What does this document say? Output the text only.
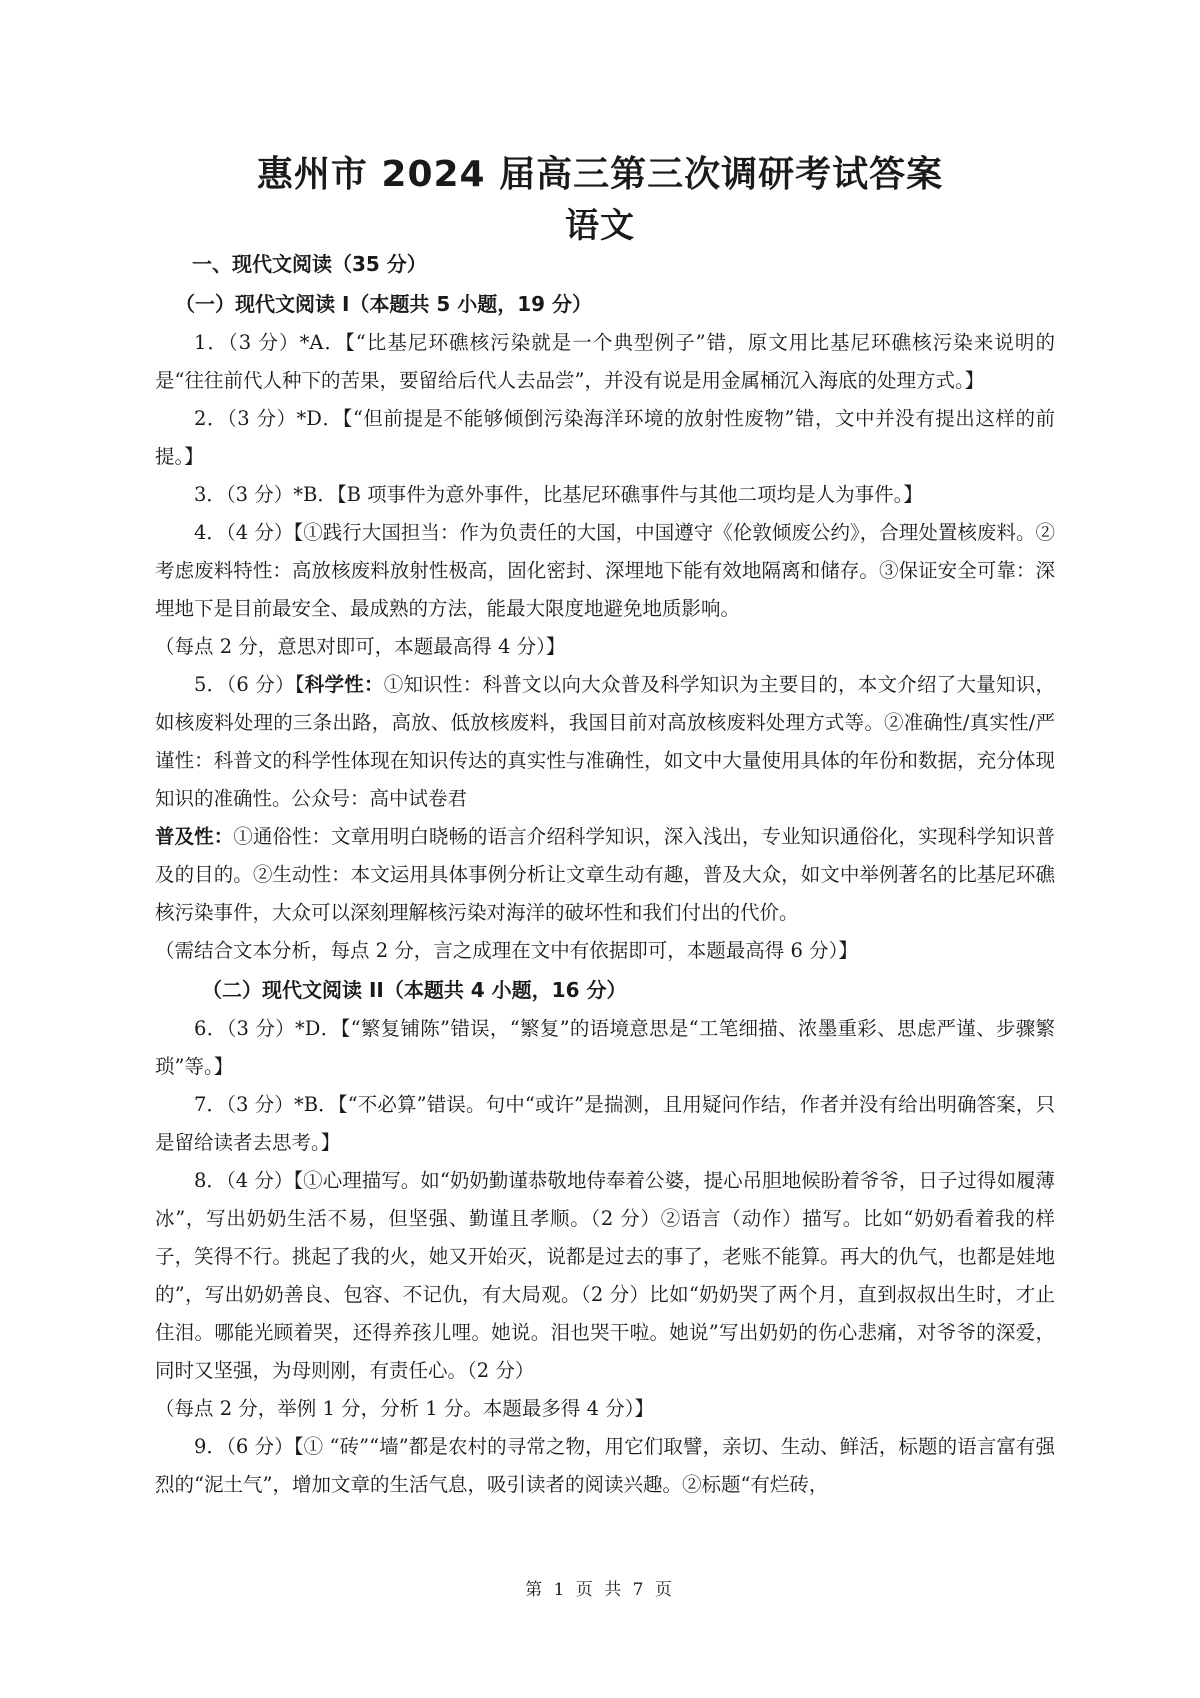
惠州市 2024 届高三第三次调研考试答案
语文

一、现代文阅读（35 分）

（一）现代文阅读 I（本题共 5 小题，19 分）

1．（3 分）*A．【“比基尼环礁核污染就是一个典型例子”错，原文用比基尼环礁核污染来说明的是“往往前代人种下的苦果，要留给后代人去品尝”，并没有说是用金属桶沉入海底的处理方式。】

2．（3 分）*D．【“但前提是不能够倾倒污染海洋环境的放射性废物”错，文中并没有提出这样的前提。】

3．（3 分）*B．【B 项事件为意外事件，比基尼环礁事件与其他二项均是人为事件。】

4．（4 分）【①践行大国担当：作为负责任的大国，中国遵守《伦敦倾废公约》，合理处置核废料。②考虑废料特性：高放核废料放射性极高，固化密封、深埋地下能有效地隔离和储存。③保证安全可靠：深埋地下是目前最安全、最成熟的方法，能最大限度地避免地质影响。

（每点 2 分，意思对即可，本题最高得 4 分）】

5．（6 分）【科学性：①知识性：科普文以向大众普及科学知识为主要目的，本文介绍了大量知识，如核废料处理的三条出路，高放、低放核废料，我国目前对高放核废料处理方式等。②准确性/真实性/严谨性：科普文的科学性体现在知识传达的真实性与准确性，如文中大量使用具体的年份和数据，充分体现知识的准确性。公众号：高中试卷君

普及性：①通俗性：文章用明白晓畅的语言介绍科学知识，深入浅出，专业知识通俗化，实现科学知识普及的目的。②生动性：本文运用具体事例分析让文章生动有趣，普及大众，如文中举例著名的比基尼环礁核污染事件，大众可以深刻理解核污染对海洋的破坏性和我们付出的代价。

（需结合文本分析，每点 2 分，言之成理在文中有依据即可，本题最高得 6 分）】

（二）现代文阅读 II（本题共 4 小题，16 分）

6．（3 分）*D．【“繁复铺陈”错误，“繁复”的语境意思是“工笔细描、浓墨重彩、思虑严谨、步骤繁琐”等。】

7．（3 分）*B．【“不必算”错误。句中“或许”是揣测，且用疑问作结，作者并没有给出明确答案，只是留给读者去思考。】

8．（4 分）【①心理描写。如“奶奶勤谨恭敬地侍奉着公婆，提心吊胆地候盼着爷爷，日子过得如履薄冰”，写出奶奶生活不易，但坚强、勤谨且孝顺。（2 分）②语言（动作）描写。比如“奶奶看着我的样子，笑得不行。挑起了我的火，她又开始灭，说都是过去的事了，老账不能算。再大的仇气，也都是娃地的”，写出奶奶善良、包容、不记仇，有大局观。（2 分）比如“奶奶哭了两个月，直到叔叔出生时，才止住泪。哪能光顾着哭，还得养孩儿哩。她说。泪也哭干啦。她说”写出奶奶的伤心悲痛，对爷爷的深爱，同时又坚强，为母则刚，有责任心。（2 分）

（每点 2 分，举例 1 分，分析 1 分。本题最多得 4 分）】

9．（6 分）【① “砖”“墙”都是农村的寻常之物，用它们取譬，亲切、生动、鲜活，标题的语言富有强烈的“泥土气”，增加文章的生活气息，吸引读者的阅读兴趣。②标题“有烂砖，

第 1 页 共 7 页
